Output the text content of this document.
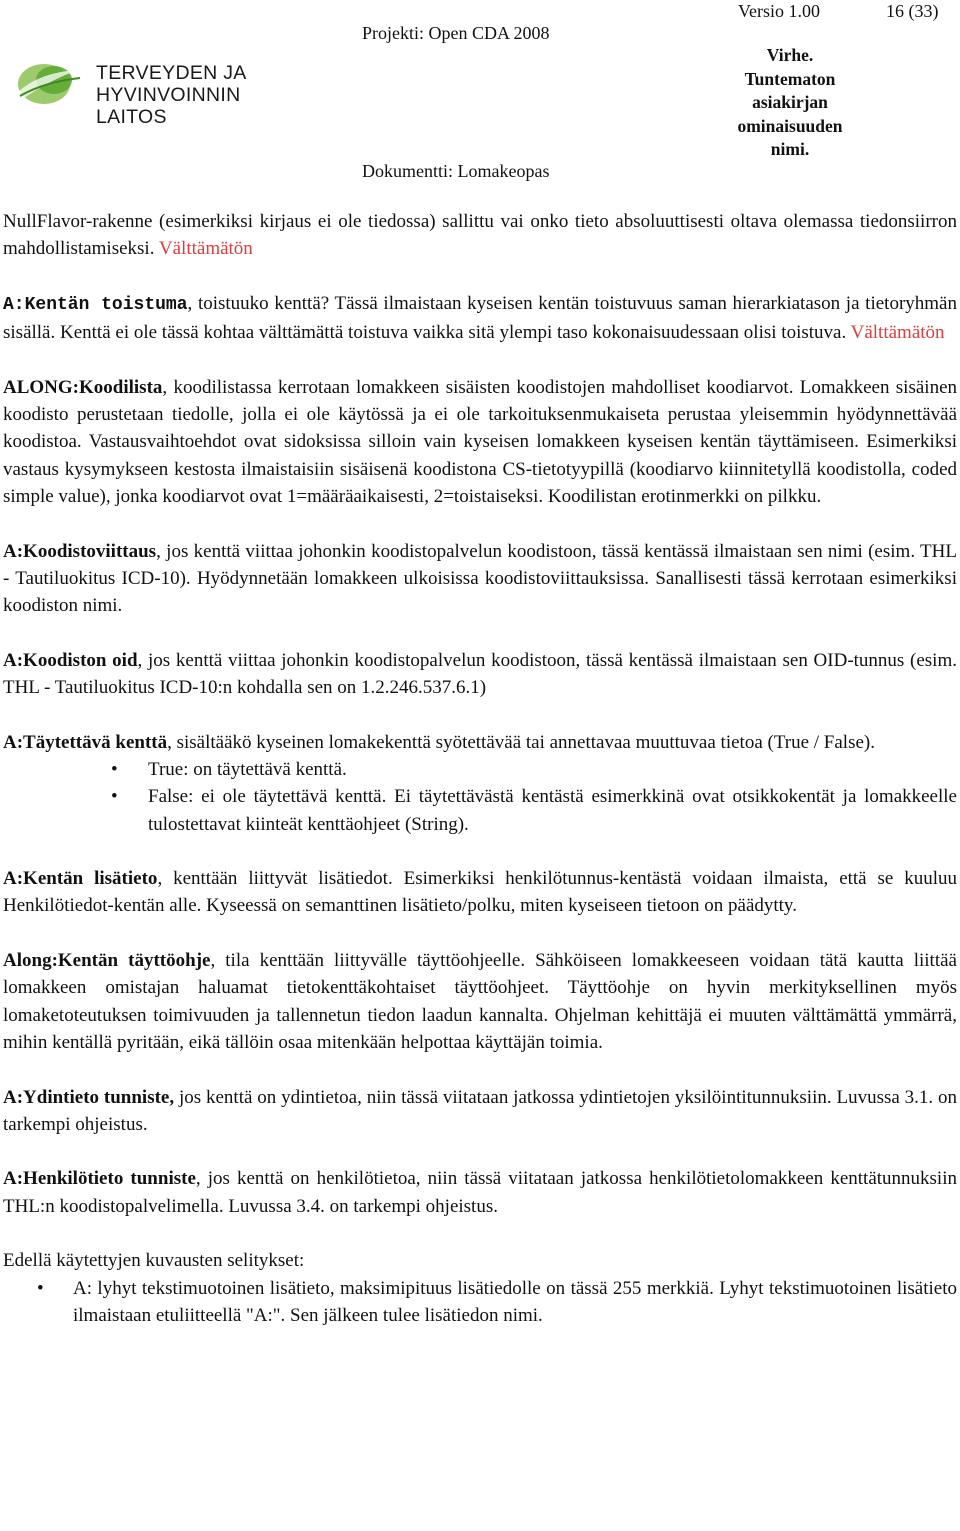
TERVEYDEN JA
HYVINVOINNIN LAITOS
Projekti: Open CDA 2008
Versio 1.00	16 (33)
Virhe.
Tuntematon
asiakirjan
ominaisuuden
nimi.
Dokumentti: Lomakeopas

NullFlavor-rakenne (esimerkiksi kirjaus ei ole tiedossa) sallittu vai onko tieto absoluuttisesti oltava olemassa tiedonsiirron mahdollistamiseksi. Välttämätön

A:Kentän toistuma, toistuuko kenttä? Tässä ilmaistaan kyseisen kentän toistuvuus saman hierarkiatason ja tietoryhmän sisällä. Kenttä ei ole tässä kohtaa välttämättä toistuva vaikka sitä ylempi taso kokonaisuudessaan olisi toistuva. Välttämätön

ALONG:Koodilista, koodilistassa kerrotaan lomakkeen sisäisten koodistojen mahdolliset koodiarvot. Lomakkeen sisäinen koodisto perustetaan tiedolle, jolla ei ole käytössä ja ei ole tarkoituksenmukaiseta perustaa yleisemmin hyödynnettävää koodistoa. Vastausvaihtoehdot ovat sidoksissa silloin vain kyseisen lomakkeen kyseisen kentän täyttämiseen. Esimerkiksi vastaus kysymykseen kestosta ilmaistaisiin sisäisenä koodistona CS-tietotyypillä (koodiarvo kiinnitetyllä koodistolla, coded simple value), jonka koodiarvot ovat 1=määräaikaisesti, 2=toistaiseksi. Koodilistan erotinmerkki on pilkku.

A:Koodistoviittaus, jos kenttä viittaa johonkin koodistopalvelun koodistoon, tässä kentässä ilmaistaan sen nimi (esim. THL - Tautiluokitus ICD-10). Hyödynnetään lomakkeen ulkoisissa koodistoviittauksissa. Sanallisesti tässä kerrotaan esimerkiksi koodiston nimi.

A:Koodiston oid, jos kenttä viittaa johonkin koodistopalvelun koodistoon, tässä kentässä ilmaistaan sen OID-tunnus (esim. THL - Tautiluokitus ICD-10:n kohdalla sen on 1.2.246.537.6.1)

A:Täytettävä kenttä, sisältääkö kyseinen lomakekenttä syötettävää tai annettavaa muuttuvaa tietoa (True / False).

• True: on täytettävä kenttä.
• False: ei ole täytettävä kenttä. Ei täytettävästä kentästä esimerkkinä ovat otsikkokentät ja lomakkeelle tulostettavat kiinteät kenttäohjeet (String).

A:Kentän lisätieto, kenttään liittyvät lisätiedot. Esimerkiksi henkilötunnus-kentästä voidaan ilmaista, että se kuuluu Henkilötiedot-kentän alle. Kyseessä on semanttinen lisätieto/polku, miten kyseiseen tietoon on päädytty.

Along:Kentän täyttöohje, tila kenttään liittyvälle täyttöohjeelle. Sähköiseen lomakkeeseen voidaan tätä kautta liittää lomakkeen omistajan haluamat tietokenttäkohtaiset täyttöohjeet. Täyttöohje on hyvin merkityksellinen myös lomaketoteutuksen toimivuuden ja tallennetun tiedon laadun kannalta. Ohjelman kehittäjä ei muuten välttämättä ymmärrä, mihin kentällä pyritään, eikä tällöin osaa mitenkään helpottaa käyttäjän toimia.

A:Ydintieto tunniste, jos kenttä on ydintietoa, niin tässä viitataan jatkossa ydintietojen yksilöintitunnuksiin. Luvussa 3.1. on tarkempi ohjeistus.

A:Henkilötieto tunniste, jos kenttä on henkilötietoa, niin tässä viitataan jatkossa henkilötietolomakkeen kenttätunnuksiin THL:n koodistopalvelimella. Luvussa 3.4. on tarkempi ohjeistus.

Edellä käytettyjen kuvausten selitykset:

• A: lyhyt tekstimuotoinen lisätieto, maksimipituus lisätiedolle on tässä 255 merkkiä. Lyhyt tekstimuotoinen lisätieto ilmaistaan etuliitteellä "A:". Sen jälkeen tulee lisätiedon nimi.
